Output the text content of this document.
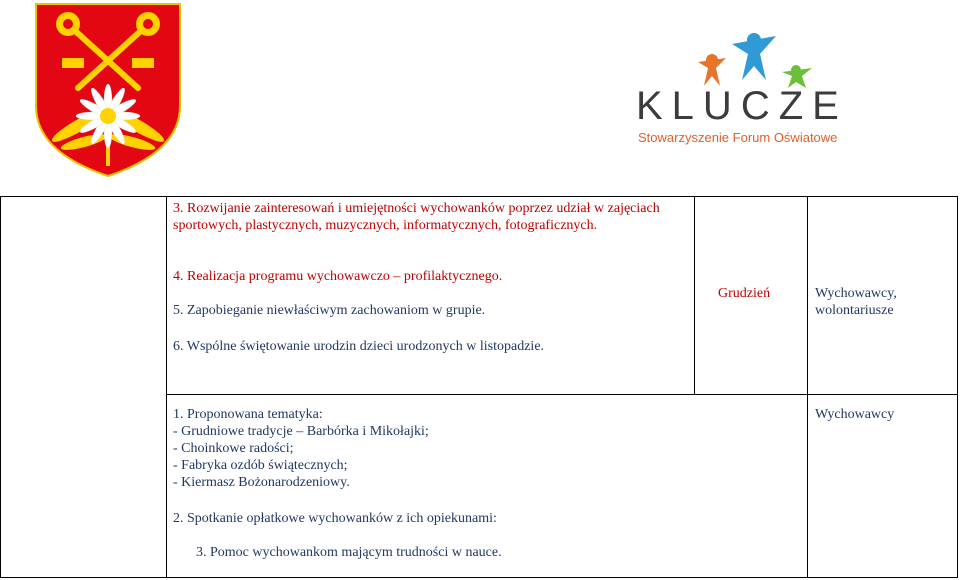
KLUCZE
Stowarzyszenie Forum Oświatowe
3. Rozwijanie zainteresowań i umiejętności wychowanków poprzez udział w zajęciach sportowych, plastycznych, muzycznych, informatycznych, fotograficznych.
4. Realizacja programu wychowawczo – profilaktycznego.
5. Zapobieganie niewłaściwym zachowaniom w grupie.
6. Wspólne świętowanie urodzin dzieci urodzonych w listopadzie.
Grudzień	Wychowawcy,
wolontariusze
1. Proponowana tematyka:
- Grudniowe tradycje – Barbórka i Mikołajki;
- Choinkowe radości;
- Fabryka ozdób świątecznych;
- Kiermasz Bożonarodzeniowy.
2. Spotkanie opłatkowe wychowanków z ich opiekunami:
3. Pomoc wychowankom mającym trudności w nauce.
Wychowawcy
